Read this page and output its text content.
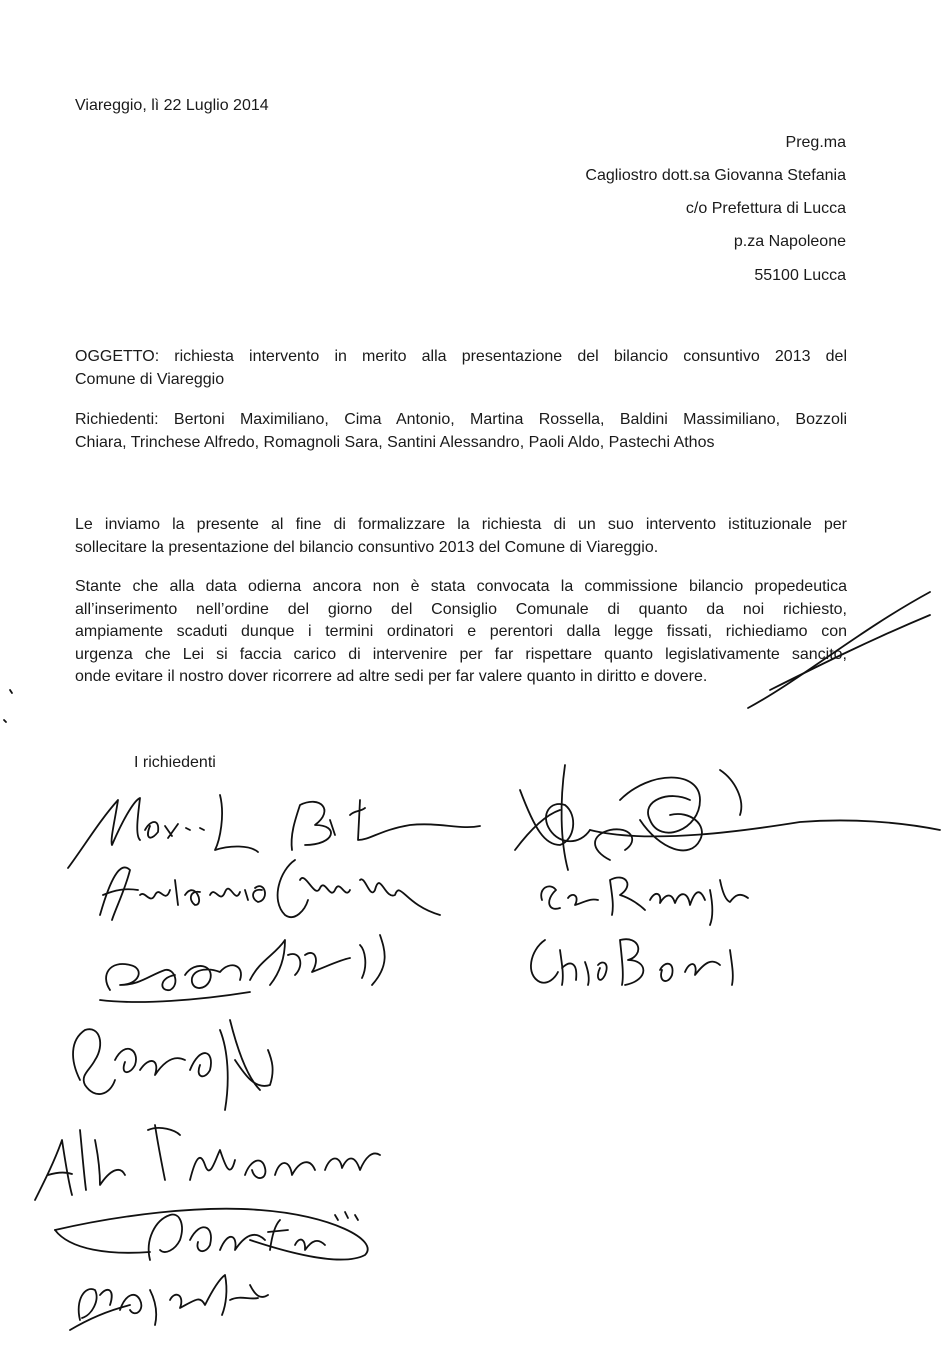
Viareggio, lì 22 Luglio 2014
Preg.ma
Cagliostro dott.sa Giovanna Stefania
c/o Prefettura di Lucca
p.za Napoleone
55100 Lucca
OGGETTO: richiesta intervento in merito alla presentazione del bilancio consuntivo 2013 del
Comune di Viareggio
Richiedenti: Bertoni Maximiliano, Cima Antonio, Martina Rossella, Baldini Massimiliano, Bozzoli
Chiara, Trinchese Alfredo, Romagnoli Sara, Santini Alessandro, Paoli Aldo, Pastechi Athos
Le inviamo la presente al fine di formalizzare la richiesta di un suo intervento istituzionale per
sollecitare la presentazione del bilancio consuntivo 2013 del Comune di Viareggio.
Stante che alla data odierna ancora non è stata convocata la commissione bilancio propedeutica
all’inserimento nell’ordine del giorno del Consiglio Comunale di quanto da noi richiesto,
ampiamente scaduti dunque i termini ordinatori e perentori dalla legge fissati, richiediamo con
urgenza che Lei si faccia carico di intervenire per far rispettare quanto legislativamente sancito,
onde evitare il nostro dover ricorrere ad altre sedi per far valere quanto in diritto e dovere.
I richiedenti
